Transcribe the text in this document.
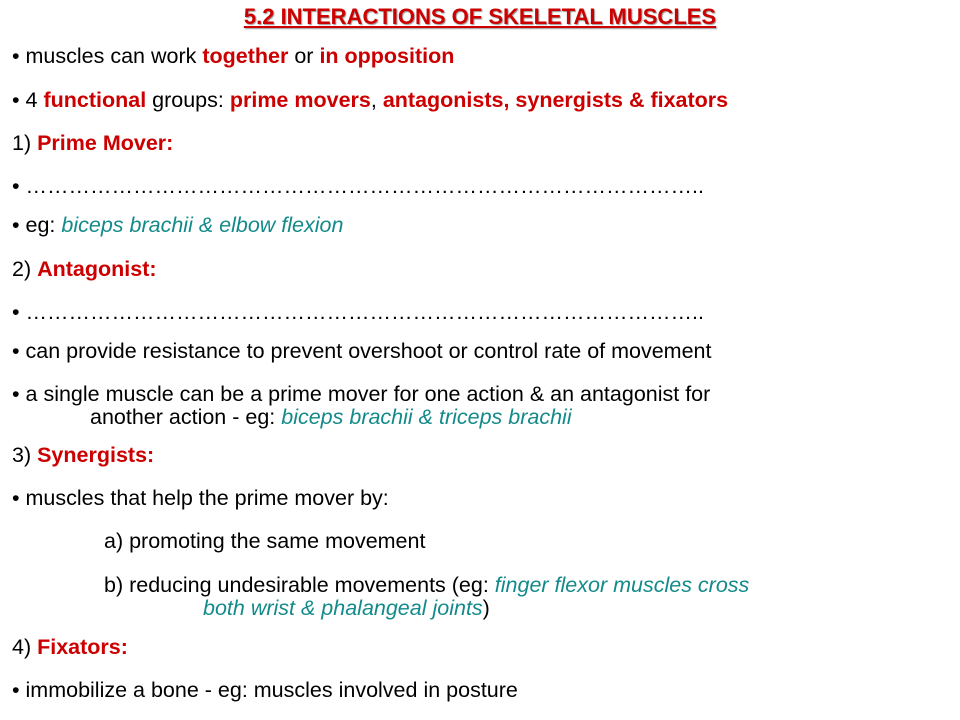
5.2 INTERACTIONS OF SKELETAL MUSCLES
• muscles can work together or in opposition
• 4 functional groups: prime movers, antagonists, synergists & fixators
1) Prime Mover:
• …………………………………………………………………………………..
• eg: biceps brachii & elbow flexion
2) Antagonist:
• …………………………………………………………………………………..
• can provide resistance to prevent overshoot or control rate of movement
• a single muscle can be a prime mover for one action & an antagonist for
another action - eg: biceps brachii & triceps brachii
3) Synergists:
• muscles that help the prime mover by:
a) promoting the same movement
b) reducing undesirable movements (eg: finger flexor muscles cross
both wrist & phalangeal joints)
4) Fixators:
• immobilize a bone - eg: muscles involved in posture
